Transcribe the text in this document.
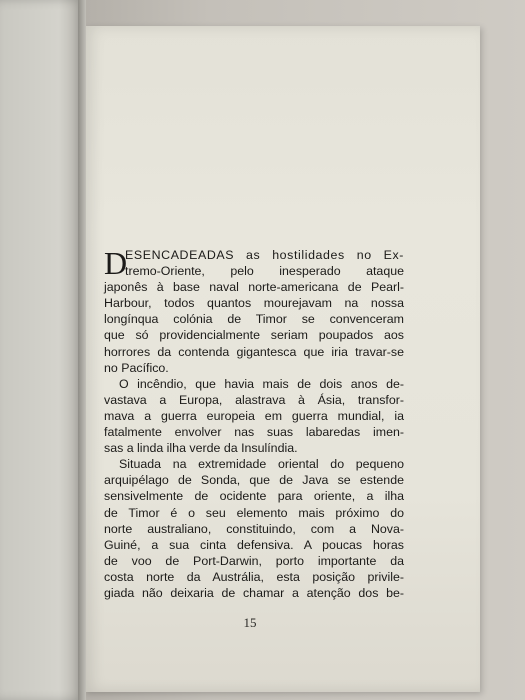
D
ESENCADEADAS as hostilidades no Ex-
tremo-Oriente, pelo inesperado ataque
japonês à base naval norte-americana de Pearl-
Harbour, todos quantos mourejavam na nossa
longínqua colónia de Timor se convenceram
que só providencialmente seriam poupados aos
horrores da contenda gigantesca que iria travar-se
no Pacífico.
O incêndio, que havia mais de dois anos de-
vastava a Europa, alastrava à Ásia, transfor-
mava a guerra europeia em guerra mundial, ia
fatalmente envolver nas suas labaredas imen-
sas a linda ilha verde da Insulíndia.
Situada na extremidade oriental do pequeno
arquipélago de Sonda, que de Java se estende
sensivelmente de ocidente para oriente, a ilha
de Timor é o seu elemento mais próximo do
norte australiano, constituindo, com a Nova-
Guiné, a sua cinta defensiva. A poucas horas
de voo de Port-Darwin, porto importante da
costa norte da Austrália, esta posição privile-
giada não deixaria de chamar a atenção dos be-
15
